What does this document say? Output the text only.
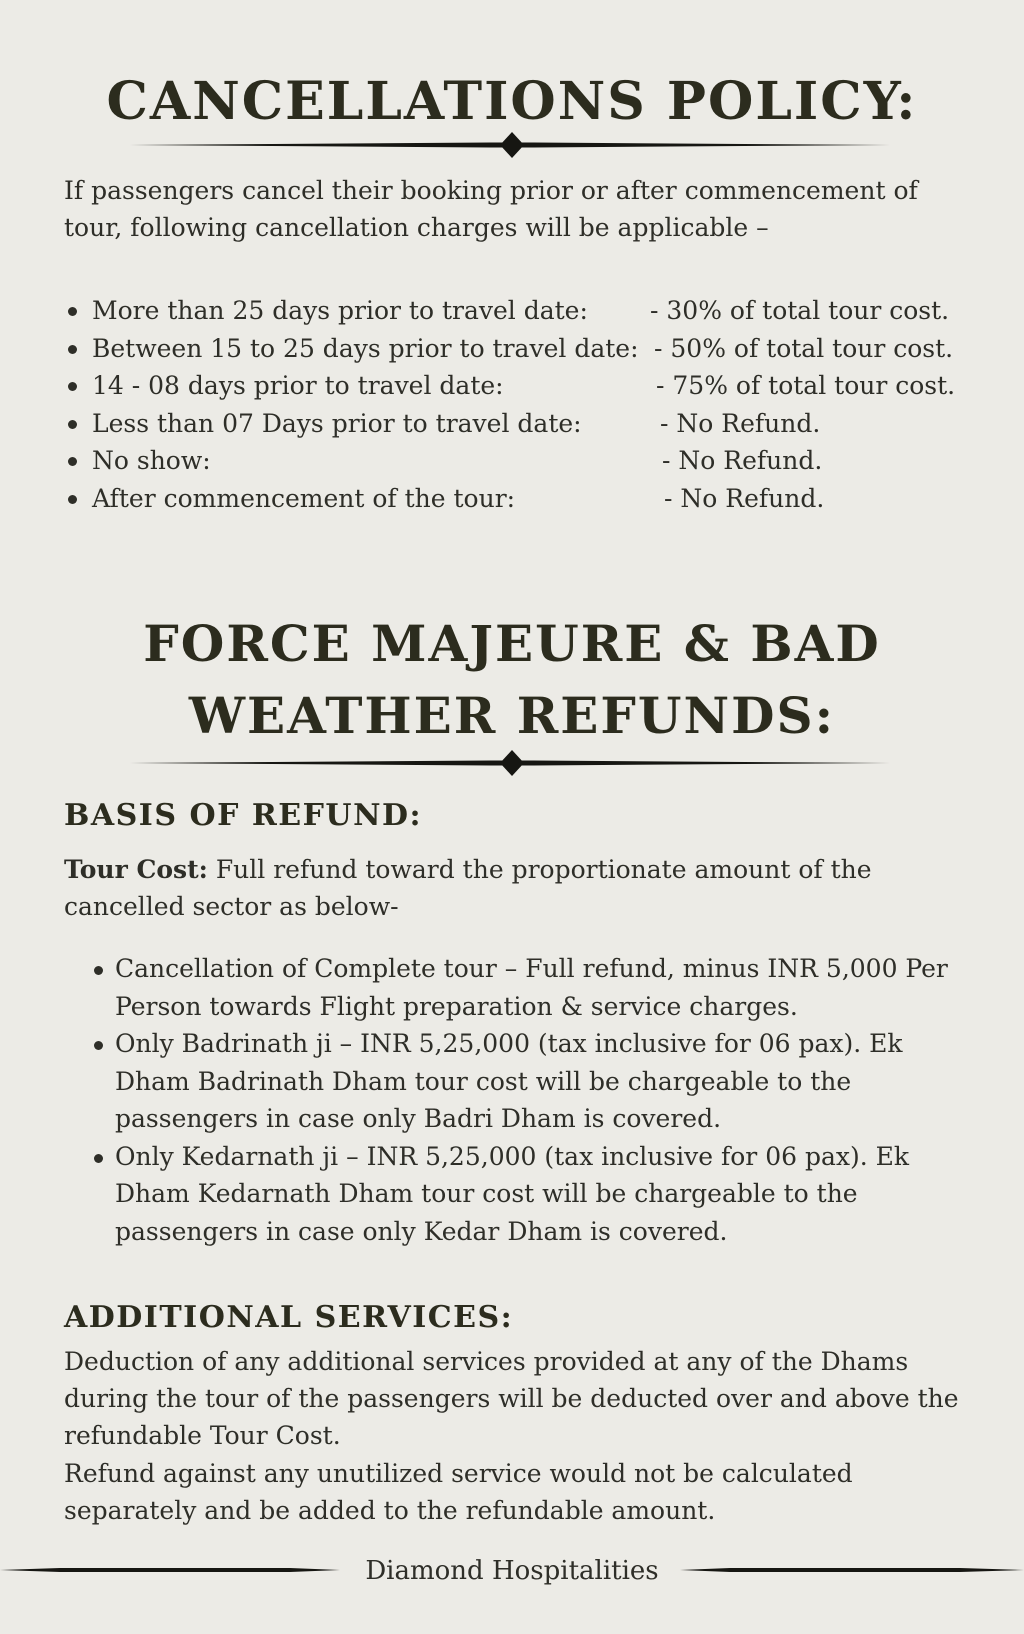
CANCELLATIONS POLICY:

If passengers cancel their booking prior or after commencement of tour, following cancellation charges will be applicable –

More than 25 days prior to travel date: - 30% of total tour cost.
Between 15 to 25 days prior to travel date: - 50% of total tour cost.
14 - 08 days prior to travel date:	- 75% of total tour cost.
Less than 07 Days prior to travel date:	- No Refund.
No show:	- No Refund.
After commencement of the tour:	- No Refund.
FORCE MAJEURE & BAD
WEATHER REFUNDS:
BASIS OF REFUND:

Tour Cost: Full refund toward the proportionate amount of the cancelled sector as below-

Cancellation of Complete tour – Full refund, minus INR 5,000 Per Person towards Flight preparation & service charges.
Only Badrinath ji – INR 5,25,000 (tax inclusive for 06 pax). Ek Dham Badrinath Dham tour cost will be chargeable to the passengers in case only Badri Dham is covered.
Only Kedarnath ji – INR 5,25,000 (tax inclusive for 06 pax). Ek Dham Kedarnath Dham tour cost will be chargeable to the passengers in case only Kedar Dham is covered.
ADDITIONAL SERVICES:

Deduction of any additional services provided at any of the Dhams during the tour of the passengers will be deducted over and above the refundable Tour Cost.

Refund against any unutilized service would not be calculated separately and be added to the refundable amount.

Diamond Hospitalities
